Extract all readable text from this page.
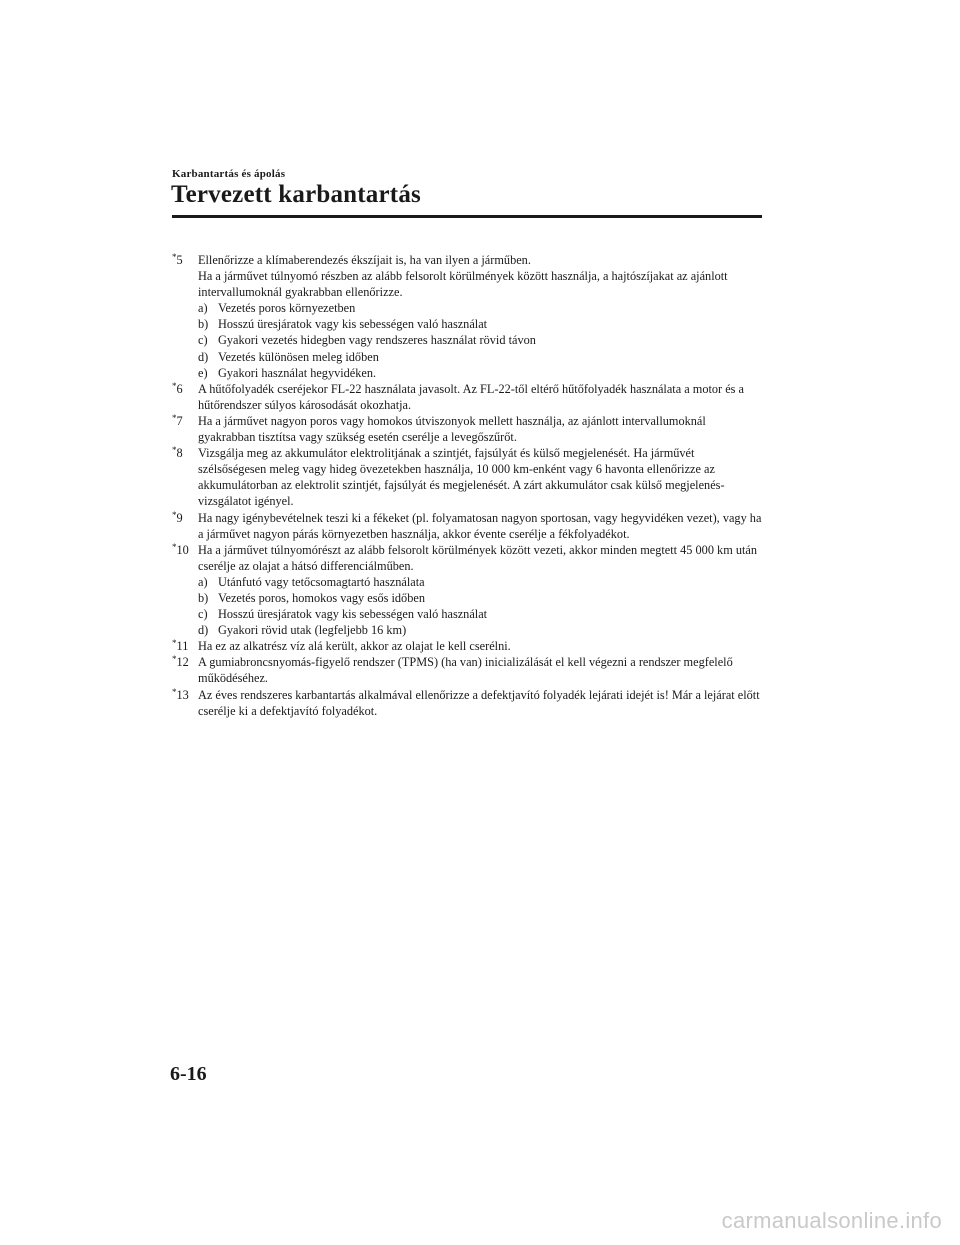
Karbantartás és ápolás
Tervezett karbantartás
*5 Ellenőrizze a klímaberendezés ékszíjait is, ha van ilyen a járműben.
Ha a járművet túlnyomó részben az alább felsorolt körülmények között használja, a hajtószíjakat az ajánlott intervallumoknál gyakrabban ellenőrizze.
a) Vezetés poros környezetben
b) Hosszú üresjáratok vagy kis sebességen való használat
c) Gyakori vezetés hidegben vagy rendszeres használat rövid távon
d) Vezetés különösen meleg időben
e) Gyakori használat hegyvidéken.
*6 A hűtőfolyadék cseréjekor FL-22 használata javasolt. Az FL-22-től eltérő hűtőfolyadék használata a motor és a hűtőrendszer súlyos károsodását okozhatja.
*7 Ha a járművet nagyon poros vagy homokos útviszonyok mellett használja, az ajánlott intervallumoknál gyakrabban tisztítsa vagy szükség esetén cserélje a levegőszűrőt.
*8 Vizsgálja meg az akkumulátor elektrolitjának a szintjét, fajsúlyát és külső megjelenését. Ha járművét szélsőségesen meleg vagy hideg övezetekben használja, 10 000 km-enként vagy 6 havonta ellenőrizze az akkumulátorban az elektrolit szintjét, fajsúlyát és megjelenését. A zárt akkumulátor csak külső megjelenés-vizsgálatot igényel.
*9 Ha nagy igénybevételnek teszi ki a fékeket (pl. folyamatosan nagyon sportosan, vagy hegyvidéken vezet), vagy ha a járművet nagyon párás környezetben használja, akkor évente cserélje a fékfolyadékot.
*10 Ha a járművet túlnyomórészt az alább felsorolt körülmények között vezeti, akkor minden megtett 45 000 km után cserélje az olajat a hátsó differenciálműben.
a) Utánfutó vagy tetőcsomagtartó használata
b) Vezetés poros, homokos vagy esős időben
c) Hosszú üresjáratok vagy kis sebességen való használat
d) Gyakori rövid utak (legfeljebb 16 km)
*11 Ha ez az alkatrész víz alá került, akkor az olajat le kell cserélni.
*12 A gumiabroncsnyomás-figyelő rendszer (TPMS) (ha van) inicializálását el kell végezni a rendszer megfelelő működéséhez.
*13 Az éves rendszeres karbantartás alkalmával ellenőrizze a defektjavító folyadék lejárati idejét is! Már a lejárat előtt cserélje ki a defektjavító folyadékot.
6-16
carmanualsonline.info
